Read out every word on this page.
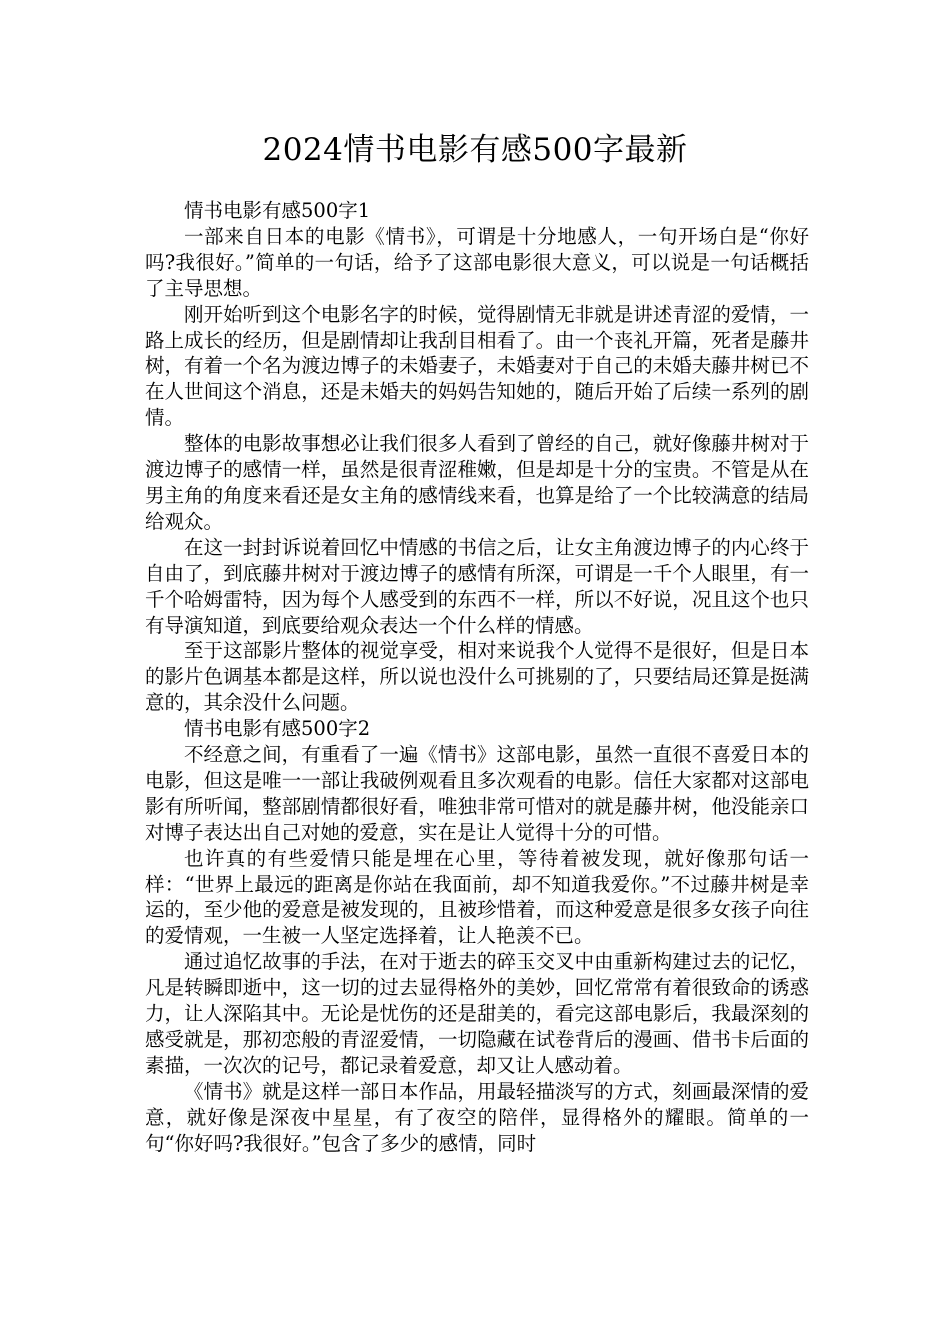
2024情书电影有感500字最新

情书电影有感500字1

一部来自日本的电影《情书》，可谓是十分地感人，一句开场白是“你好吗?我很好。”简单的一句话，给予了这部电影很大意义，可以说是一句话概括了主导思想。

刚开始听到这个电影名字的时候，觉得剧情无非就是讲述青涩的爱情，一路上成长的经历，但是剧情却让我刮目相看了。由一个丧礼开篇，死者是藤井树，有着一个名为渡边博子的未婚妻子，未婚妻对于自己的未婚夫藤井树已不在人世间这个消息，还是未婚夫的妈妈告知她的，随后开始了后续一系列的剧情。

整体的电影故事想必让我们很多人看到了曾经的自己，就好像藤井树对于渡边博子的感情一样，虽然是很青涩稚嫩，但是却是十分的宝贵。不管是从在男主角的角度来看还是女主角的感情线来看，也算是给了一个比较满意的结局给观众。

在这一封封诉说着回忆中情感的书信之后，让女主角渡边博子的内心终于自由了，到底藤井树对于渡边博子的感情有所深，可谓是一千个人眼里，有一千个哈姆雷特，因为每个人感受到的东西不一样，所以不好说，况且这个也只有导演知道，到底要给观众表达一个什么样的情感。

至于这部影片整体的视觉享受，相对来说我个人觉得不是很好，但是日本的影片色调基本都是这样，所以说也没什么可挑剔的了，只要结局还算是挺满意的，其余没什么问题。

情书电影有感500字2

不经意之间，有重看了一遍《情书》这部电影，虽然一直很不喜爱日本的电影，但这是唯一一部让我破例观看且多次观看的电影。信任大家都对这部电影有所听闻，整部剧情都很好看，唯独非常可惜对的就是藤井树，他没能亲口对博子表达出自己对她的爱意，实在是让人觉得十分的可惜。

也许真的有些爱情只能是埋在心里，等待着被发现，就好像那句话一样：“世界上最远的距离是你站在我面前，却不知道我爱你。”不过藤井树是幸运的，至少他的爱意是被发现的，且被珍惜着，而这种爱意是很多女孩子向往的爱情观，一生被一人坚定选择着，让人艳羡不已。

通过追忆故事的手法，在对于逝去的碎玉交叉中由重新构建过去的记忆，凡是转瞬即逝中，这一切的过去显得格外的美妙，回忆常常有着很致命的诱惑力，让人深陷其中。无论是忧伤的还是甜美的，看完这部电影后，我最深刻的感受就是，那初恋般的青涩爱情，一切隐藏在试卷背后的漫画、借书卡后面的素描，一次次的记号，都记录着爱意，却又让人感动着。

《情书》就是这样一部日本作品，用最轻描淡写的方式，刻画最深情的爱意，就好像是深夜中星星，有了夜空的陪伴，显得格外的耀眼。简单的一句“你好吗?我很好。”包含了多少的感情，同时
